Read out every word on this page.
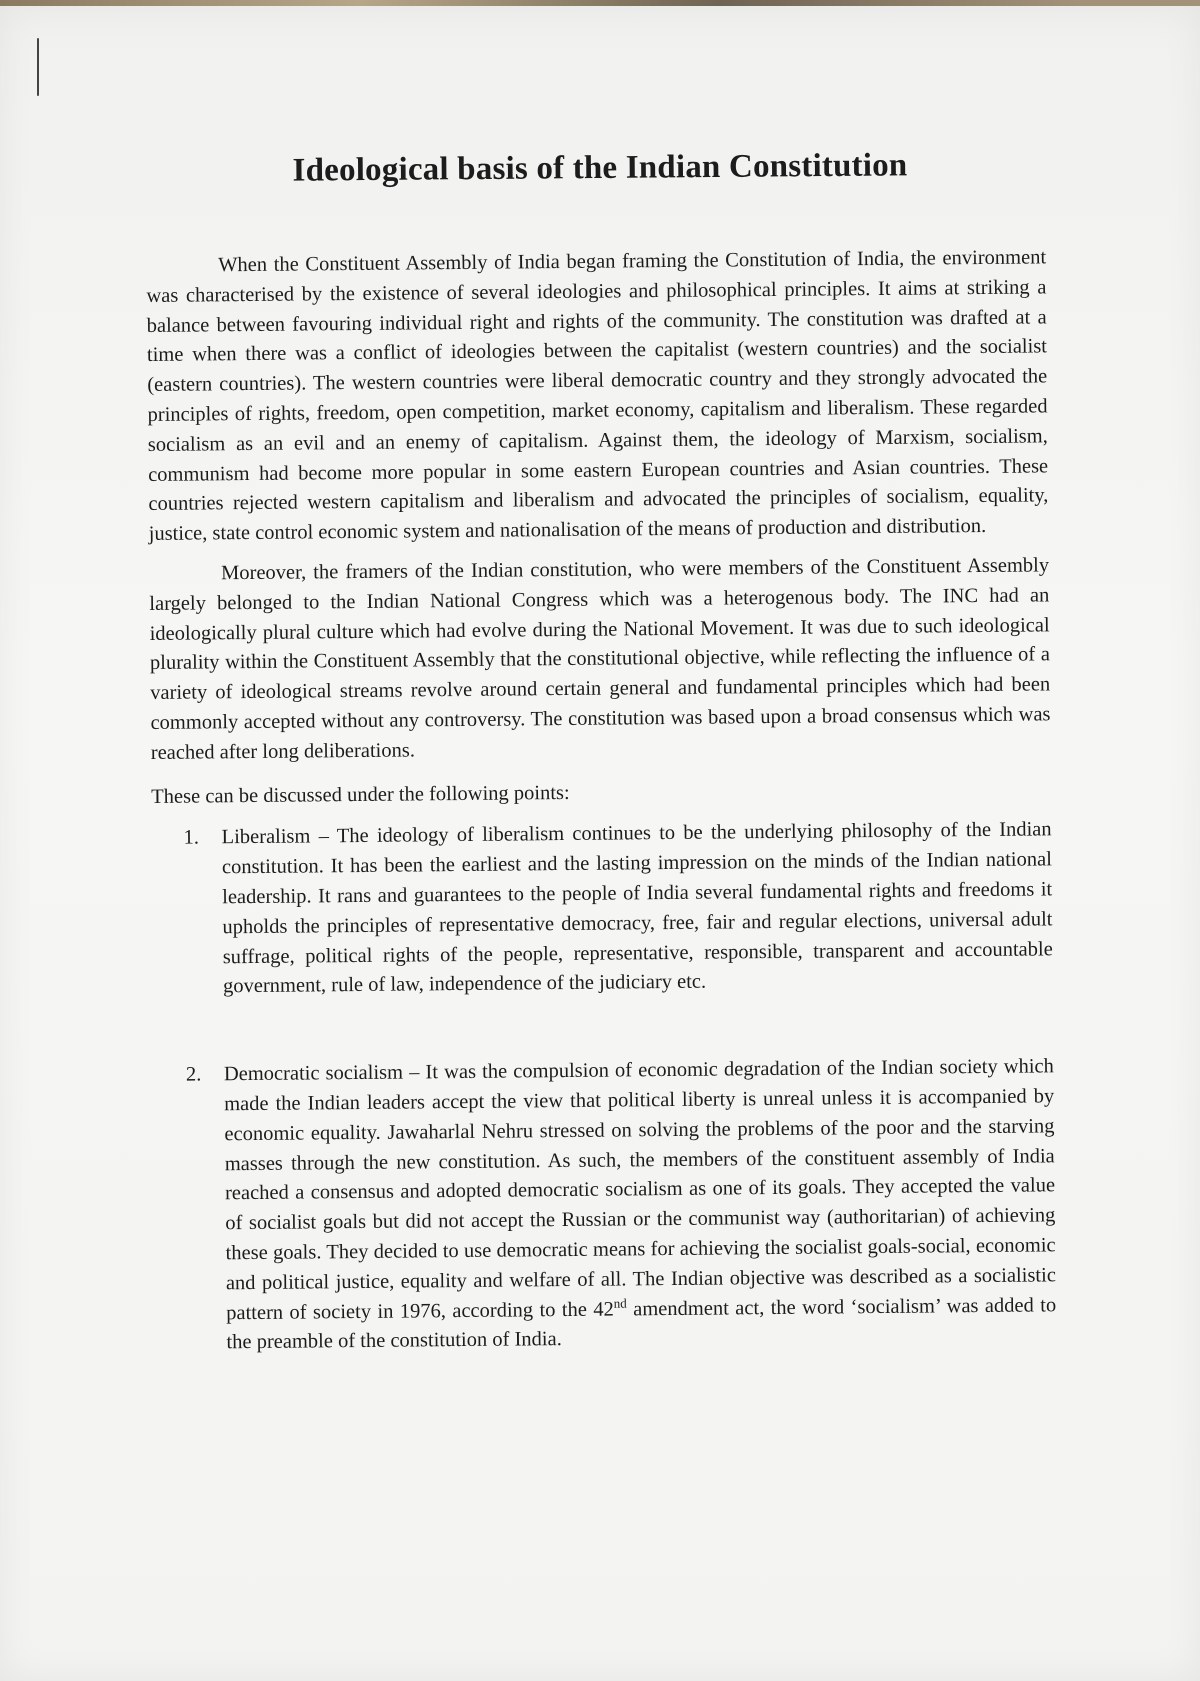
Ideological basis of the Indian Constitution

When the Constituent Assembly of India began framing the Constitution of India, the environment was characterised by the existence of several ideologies and philosophical principles. It aims at striking a balance between favouring individual right and rights of the community. The constitution was drafted at a time when there was a conflict of ideologies between the capitalist (western countries) and the socialist (eastern countries). The western countries were liberal democratic country and they strongly advocated the principles of rights, freedom, open competition, market economy, capitalism and liberalism. These regarded socialism as an evil and an enemy of capitalism. Against them, the ideology of Marxism, socialism, communism had become more popular in some eastern European countries and Asian countries. These countries rejected western capitalism and liberalism and advocated the principles of socialism, equality, justice, state control economic system and nationalisation of the means of production and distribution.

Moreover, the framers of the Indian constitution, who were members of the Constituent Assembly largely belonged to the Indian National Congress which was a heterogenous body. The INC had an ideologically plural culture which had evolve during the National Movement. It was due to such ideological plurality within the Constituent Assembly that the constitutional objective, while reflecting the influence of a variety of ideological streams revolve around certain general and fundamental principles which had been commonly accepted without any controversy. The constitution was based upon a broad consensus which was reached after long deliberations.

These can be discussed under the following points:

1.	Liberalism – The ideology of liberalism continues to be the underlying philosophy of the Indian constitution. It has been the earliest and the lasting impression on the minds of the Indian national leadership. It rans and guarantees to the people of India several fundamental rights and freedoms it upholds the principles of representative democracy, free, fair and regular elections, universal adult suffrage, political rights of the people, representative, responsible, transparent and accountable government, rule of law, independence of the judiciary etc.
2.	Democratic socialism – It was the compulsion of economic degradation of the Indian society which made the Indian leaders accept the view that political liberty is unreal unless it is accompanied by economic equality. Jawaharlal Nehru stressed on solving the problems of the poor and the starving masses through the new constitution. As such, the members of the constituent assembly of India reached a consensus and adopted democratic socialism as one of its goals. They accepted the value of socialist goals but did not accept the Russian or the communist way (authoritarian) of achieving these goals. They decided to use democratic means for achieving the socialist goals-social, economic and political justice, equality and welfare of all. The Indian objective was described as a socialistic pattern of society in 1976, according to the 42nd amendment act, the word ‘socialism’ was added to the preamble of the constitution of India.
